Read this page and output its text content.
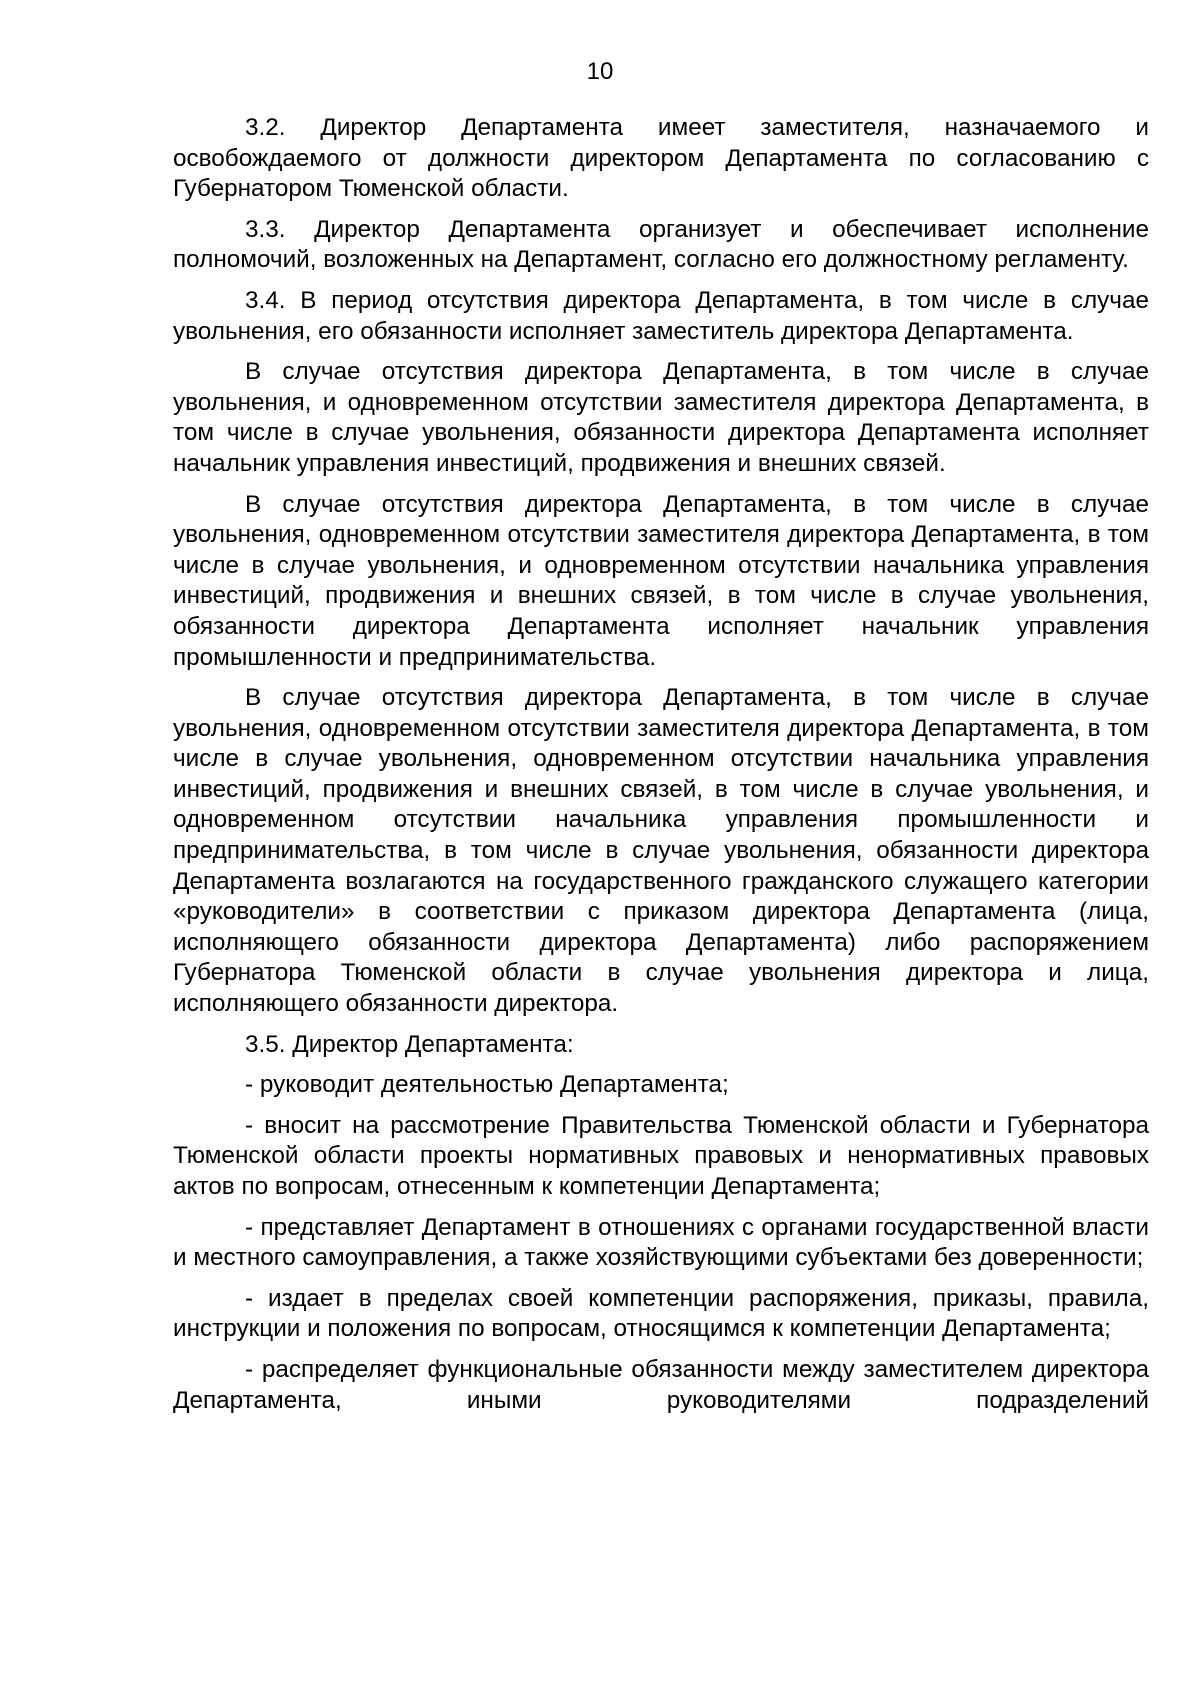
10

3.2. Директор Департамента имеет заместителя, назначаемого и освобождаемого от должности директором Департамента по согласованию с Губернатором Тюменской области.

3.3. Директор Департамента организует и обеспечивает исполнение полномочий, возложенных на Департамент, согласно его должностному регламенту.

3.4. В период отсутствия директора Департамента, в том числе в случае увольнения, его обязанности исполняет заместитель директора Департамента.

В случае отсутствия директора Департамента, в том числе в случае увольнения, и одновременном отсутствии заместителя директора Департамента, в том числе в случае увольнения, обязанности директора Департамента исполняет начальник управления инвестиций, продвижения и внешних связей.

В случае отсутствия директора Департамента, в том числе в случае увольнения, одновременном отсутствии заместителя директора Департамента, в том числе в случае увольнения, и одновременном отсутствии начальника управления инвестиций, продвижения и внешних связей, в том числе в случае увольнения, обязанности директора Департамента исполняет начальник управления промышленности и предпринимательства.

В случае отсутствия директора Департамента, в том числе в случае увольнения, одновременном отсутствии заместителя директора Департамента, в том числе в случае увольнения, одновременном отсутствии начальника управления инвестиций, продвижения и внешних связей, в том числе в случае увольнения, и одновременном отсутствии начальника управления промышленности и предпринимательства, в том числе в случае увольнения, обязанности директора Департамента возлагаются на государственного гражданского служащего категории «руководители» в соответствии с приказом директора Департамента (лица, исполняющего обязанности директора Департамента) либо распоряжением Губернатора Тюменской области в случае увольнения директора и лица, исполняющего обязанности директора.

3.5. Директор Департамента:

- руководит деятельностью Департамента;

- вносит на рассмотрение Правительства Тюменской области и Губернатора Тюменской области проекты нормативных правовых и ненормативных правовых актов по вопросам, отнесенным к компетенции Департамента;

- представляет Департамент в отношениях с органами государственной власти и местного самоуправления, а также хозяйствующими субъектами без доверенности;

- издает в пределах своей компетенции распоряжения, приказы, правила, инструкции и положения по вопросам, относящимся к компетенции Департамента;

- распределяет функциональные обязанности между заместителем директора Департамента, иными руководителями подразделений
